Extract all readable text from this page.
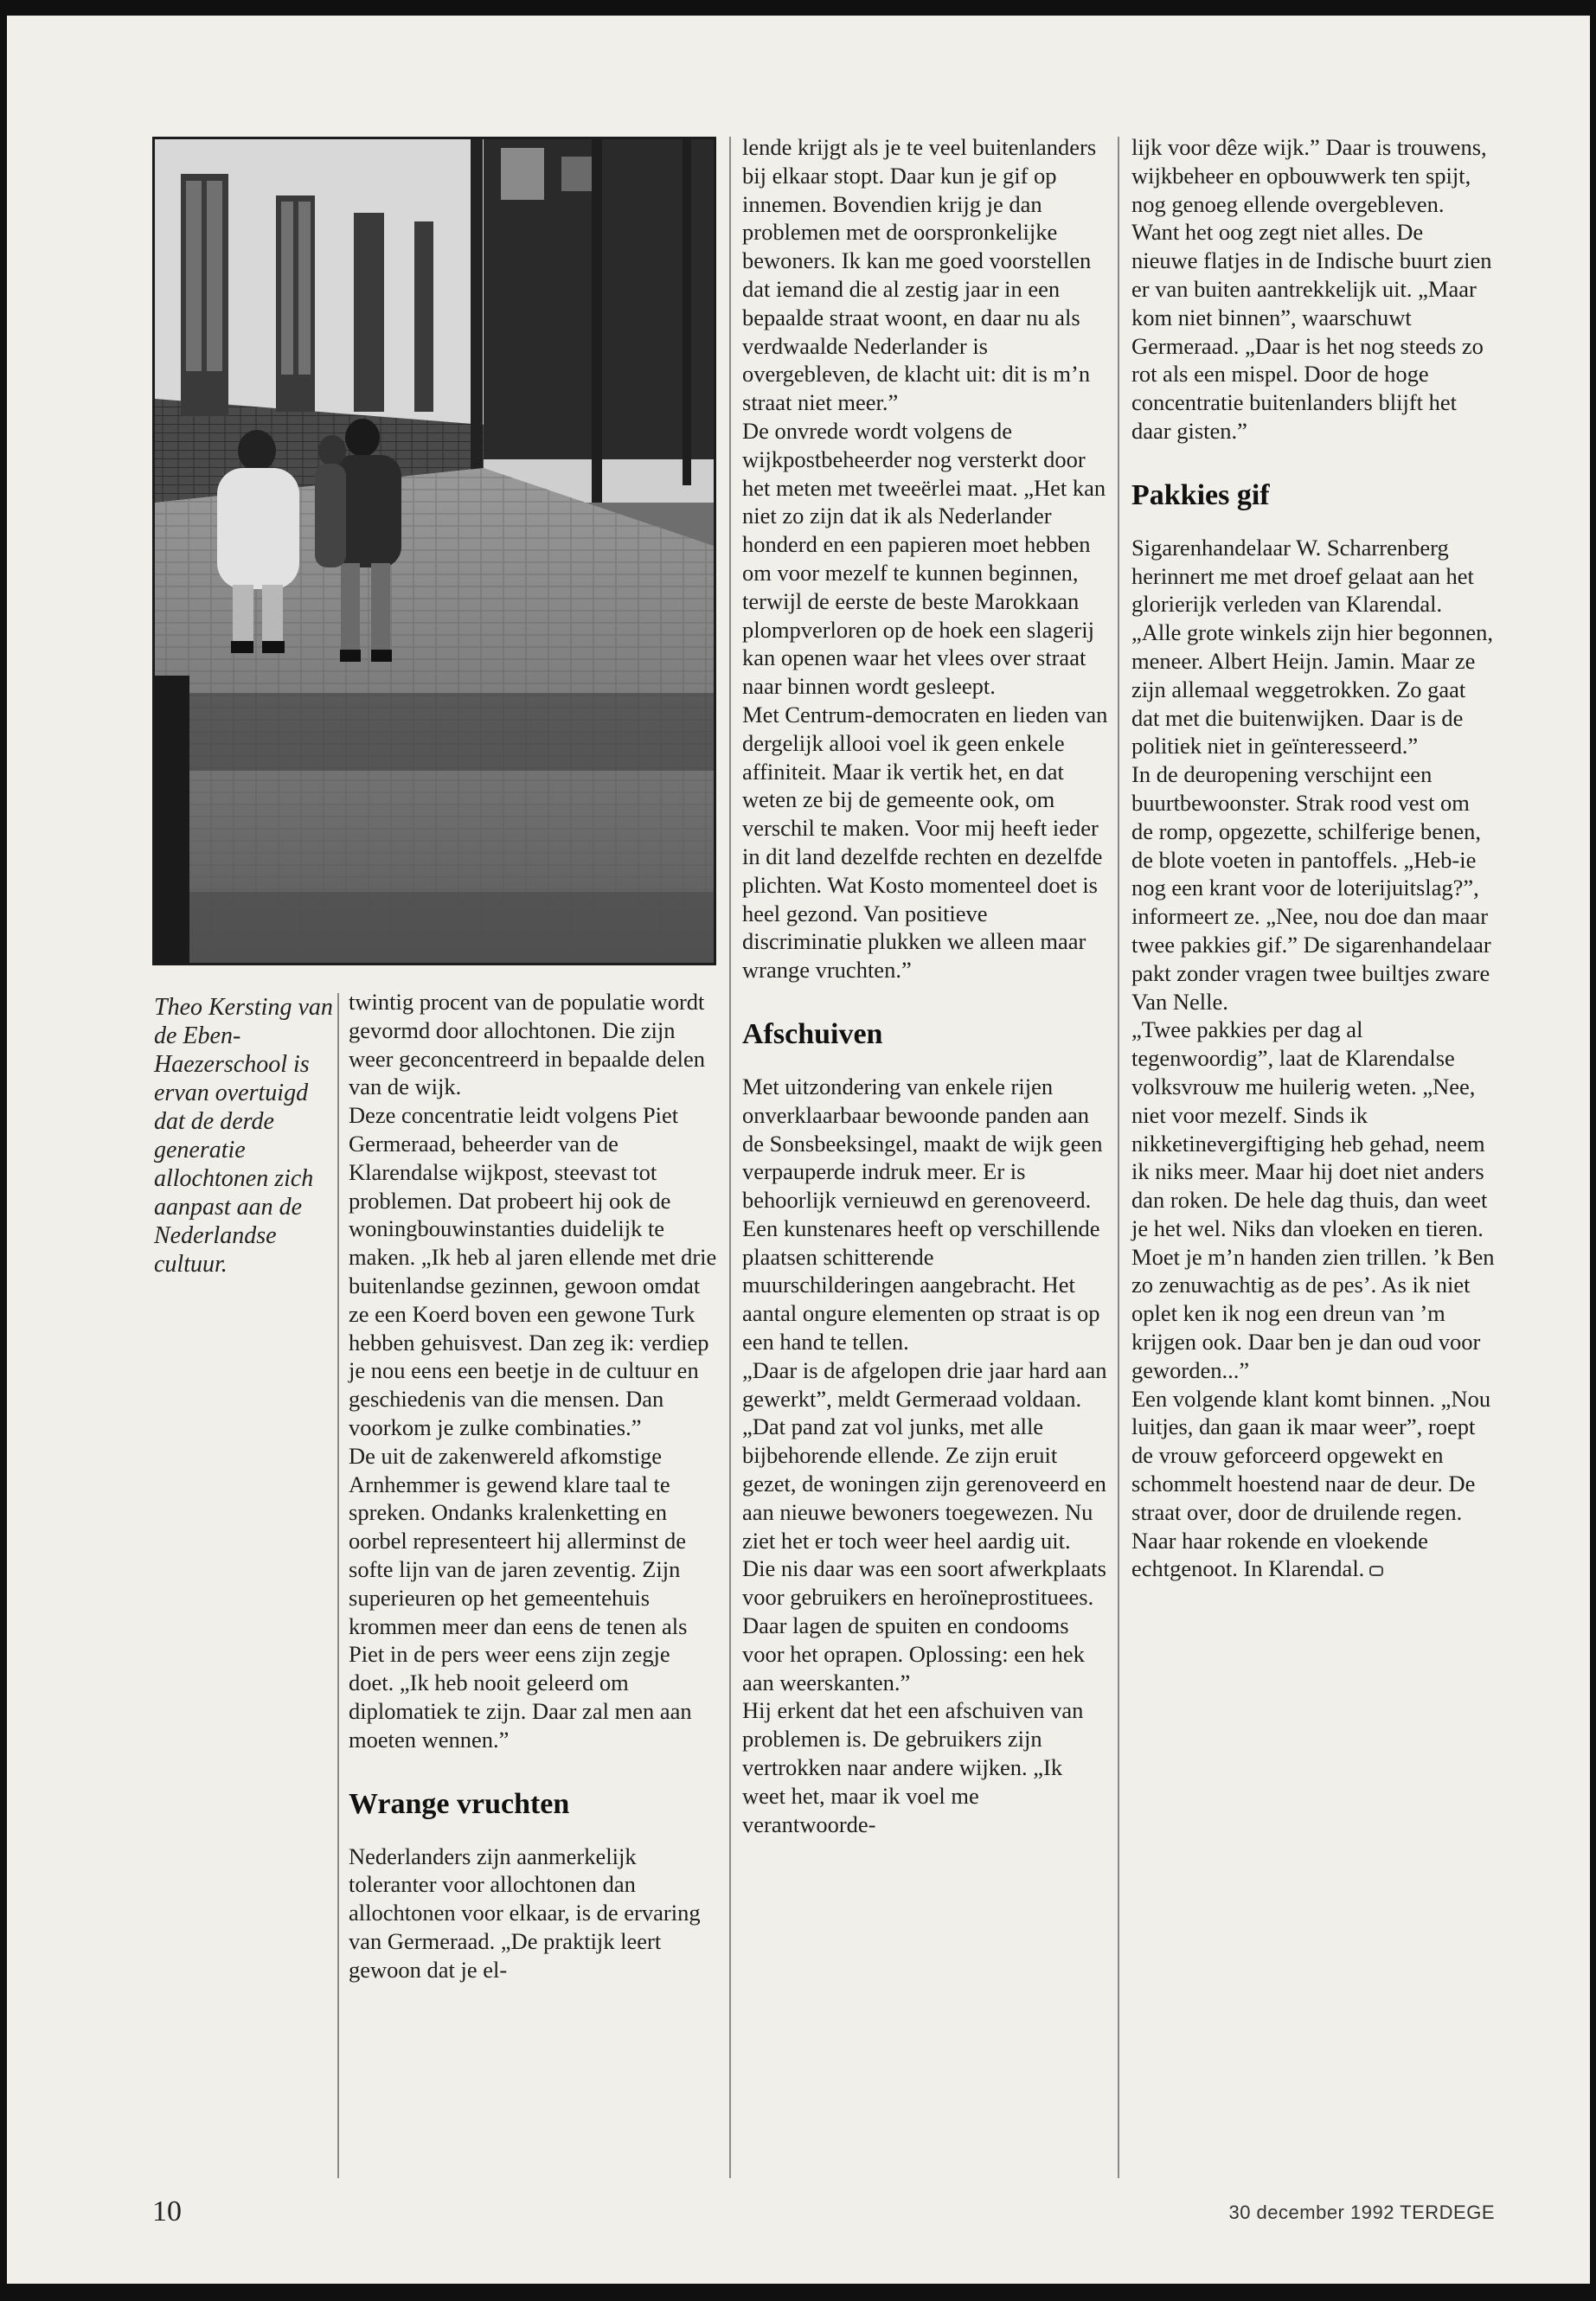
Theo Kersting van de Eben-Haezerschool is ervan overtuigd dat de derde generatie allochtonen zich aanpast aan de Nederlandse cultuur.

twintig procent van de populatie wordt gevormd door allochtonen. Die zijn weer geconcentreerd in bepaalde delen van de wijk.

Deze concentratie leidt volgens Piet Germeraad, beheerder van de Klarendalse wijkpost, steevast tot problemen. Dat probeert hij ook de woningbouwinstanties duidelijk te maken. „Ik heb al jaren ellende met drie buitenlandse gezinnen, gewoon omdat ze een Koerd boven een gewone Turk hebben gehuisvest. Dan zeg ik: verdiep je nou eens een beetje in de cultuur en geschiedenis van die mensen. Dan voorkom je zulke combinaties.”

De uit de zakenwereld afkomstige Arnhemmer is gewend klare taal te spreken. Ondanks kralenketting en oorbel representeert hij allerminst de softe lijn van de jaren zeventig. Zijn superieuren op het gemeentehuis krommen meer dan eens de tenen als Piet in de pers weer eens zijn zegje doet. „Ik heb nooit geleerd om diplomatiek te zijn. Daar zal men aan moeten wennen.”

Wrange vruchten

Nederlanders zijn aanmerkelijk toleranter voor allochtonen dan allochtonen voor elkaar, is de ervaring van Germeraad. „De praktijk leert gewoon dat je el-

lende krijgt als je te veel buitenlanders bij elkaar stopt. Daar kun je gif op innemen. Bovendien krijg je dan problemen met de oorspronkelijke bewoners. Ik kan me goed voorstellen dat iemand die al zestig jaar in een bepaalde straat woont, en daar nu als verdwaalde Nederlander is overgebleven, de klacht uit: dit is m’n straat niet meer.”

De onvrede wordt volgens de wijkpostbeheerder nog versterkt door het meten met tweeërlei maat. „Het kan niet zo zijn dat ik als Nederlander honderd en een papieren moet hebben om voor mezelf te kunnen beginnen, terwijl de eerste de beste Marokkaan plompverloren op de hoek een slagerij kan openen waar het vlees over straat naar binnen wordt gesleept.

Met Centrum-democraten en lieden van dergelijk allooi voel ik geen enkele affiniteit. Maar ik vertik het, en dat weten ze bij de gemeente ook, om verschil te maken. Voor mij heeft ieder in dit land dezelfde rechten en dezelfde plichten. Wat Kosto momenteel doet is heel gezond. Van positieve discriminatie plukken we alleen maar wrange vruchten.”

Afschuiven

Met uitzondering van enkele rijen onverklaarbaar bewoonde panden aan de Sonsbeeksingel, maakt de wijk geen verpauperde indruk meer. Er is behoorlijk vernieuwd en gerenoveerd. Een kunstenares heeft op verschillende plaatsen schitterende muurschilderingen aangebracht. Het aantal ongure elementen op straat is op een hand te tellen.

„Daar is de afgelopen drie jaar hard aan gewerkt”, meldt Germeraad voldaan. „Dat pand zat vol junks, met alle bijbehorende ellende. Ze zijn eruit gezet, de woningen zijn gerenoveerd en aan nieuwe bewoners toegewezen. Nu ziet het er toch weer heel aardig uit. Die nis daar was een soort afwerkplaats voor gebruikers en heroïneprostituees. Daar lagen de spuiten en condooms voor het oprapen. Oplossing: een hek aan weerskanten.”

Hij erkent dat het een afschuiven van problemen is. De gebruikers zijn vertrokken naar andere wijken. „Ik weet het, maar ik voel me verantwoorde-

lijk voor dêze wijk.” Daar is trouwens, wijkbeheer en opbouwwerk ten spijt, nog genoeg ellende overgebleven. Want het oog zegt niet alles. De nieuwe flatjes in de Indische buurt zien er van buiten aantrekkelijk uit. „Maar kom niet binnen”, waarschuwt Germeraad. „Daar is het nog steeds zo rot als een mispel. Door de hoge concentratie buitenlanders blijft het daar gisten.”

Pakkies gif

Sigarenhandelaar W. Scharrenberg herinnert me met droef gelaat aan het glorierijk verleden van Klarendal. „Alle grote winkels zijn hier begonnen, meneer. Albert Heijn. Jamin. Maar ze zijn allemaal weggetrokken. Zo gaat dat met die buitenwijken. Daar is de politiek niet in geïnteresseerd.”

In de deuropening verschijnt een buurtbewoonster. Strak rood vest om de romp, opgezette, schilferige benen, de blote voeten in pantoffels. „Heb-ie nog een krant voor de loterijuitslag?”, informeert ze. „Nee, nou doe dan maar twee pakkies gif.” De sigarenhandelaar pakt zonder vragen twee builtjes zware Van Nelle.

„Twee pakkies per dag al tegenwoordig”, laat de Klarendalse volksvrouw me huilerig weten. „Nee, niet voor mezelf. Sinds ik nikketinevergiftiging heb gehad, neem ik niks meer. Maar hij doet niet anders dan roken. De hele dag thuis, dan weet je het wel. Niks dan vloeken en tieren. Moet je m’n handen zien trillen. ’k Ben zo zenuwachtig as de pes’. As ik niet oplet ken ik nog een dreun van ’m krijgen ook. Daar ben je dan oud voor geworden...”

Een volgende klant komt binnen. „Nou luitjes, dan gaan ik maar weer”, roept de vrouw geforceerd opgewekt en schommelt hoestend naar de deur. De straat over, door de druilende regen. Naar haar rokende en vloekende echtgenoot. In Klarendal.

10	30 december 1992 TERDEGE
